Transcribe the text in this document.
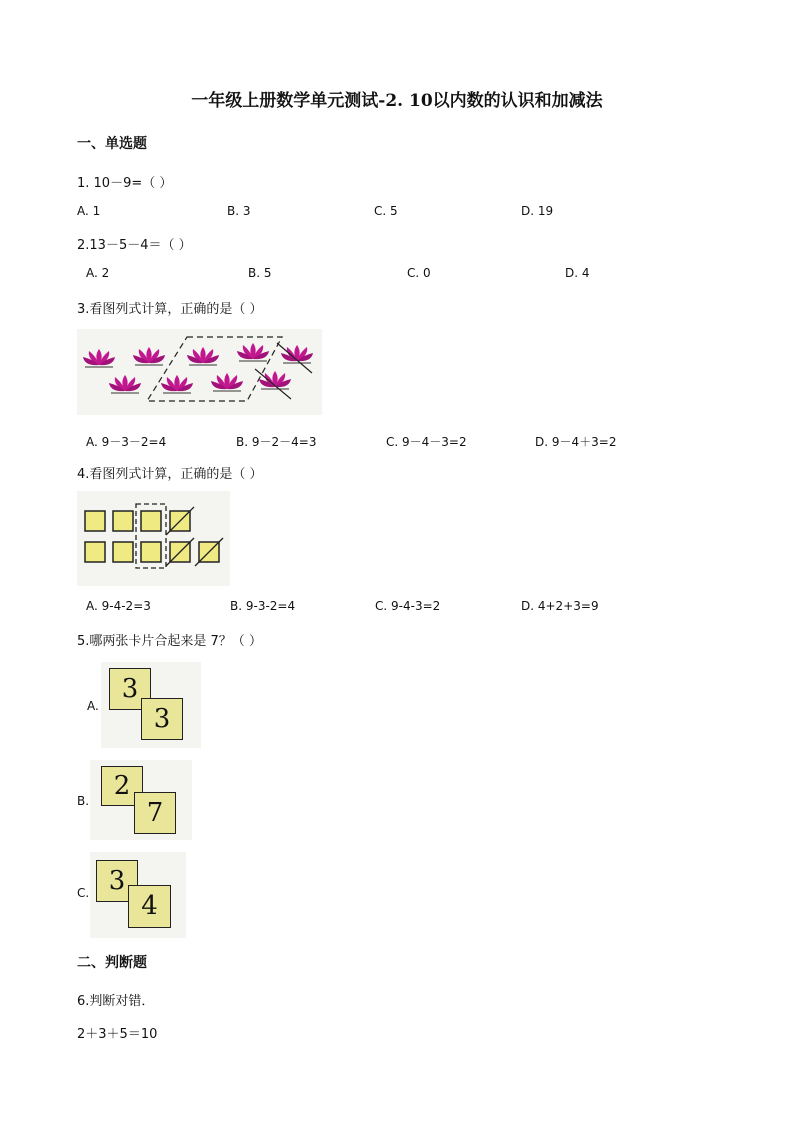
一年级上册数学单元测试-2. 10以内数的认识和加减法
一、单选题
1. 10－9=（ ）
A. 1	B. 3	C. 5	D. 19
2.13－5－4＝（ ）
A. 2	B. 5	C. 0	D. 4
3.看图列式计算，正确的是（ ）
A. 9－3－2=4	B. 9－2－4=3	C. 9－4－3=2	D. 9－4＋3=2
4.看图列式计算，正确的是（ ）
A. 9-4-2=3	B. 9-3-2=4	C. 9-4-3=2	D. 4+2+3=9
5.哪两张卡片合起来是 7？（ ）
A.
3
3
B. 2
7
C. 3
4
二、判断题
6.判断对错．
2＋3＋5＝10
